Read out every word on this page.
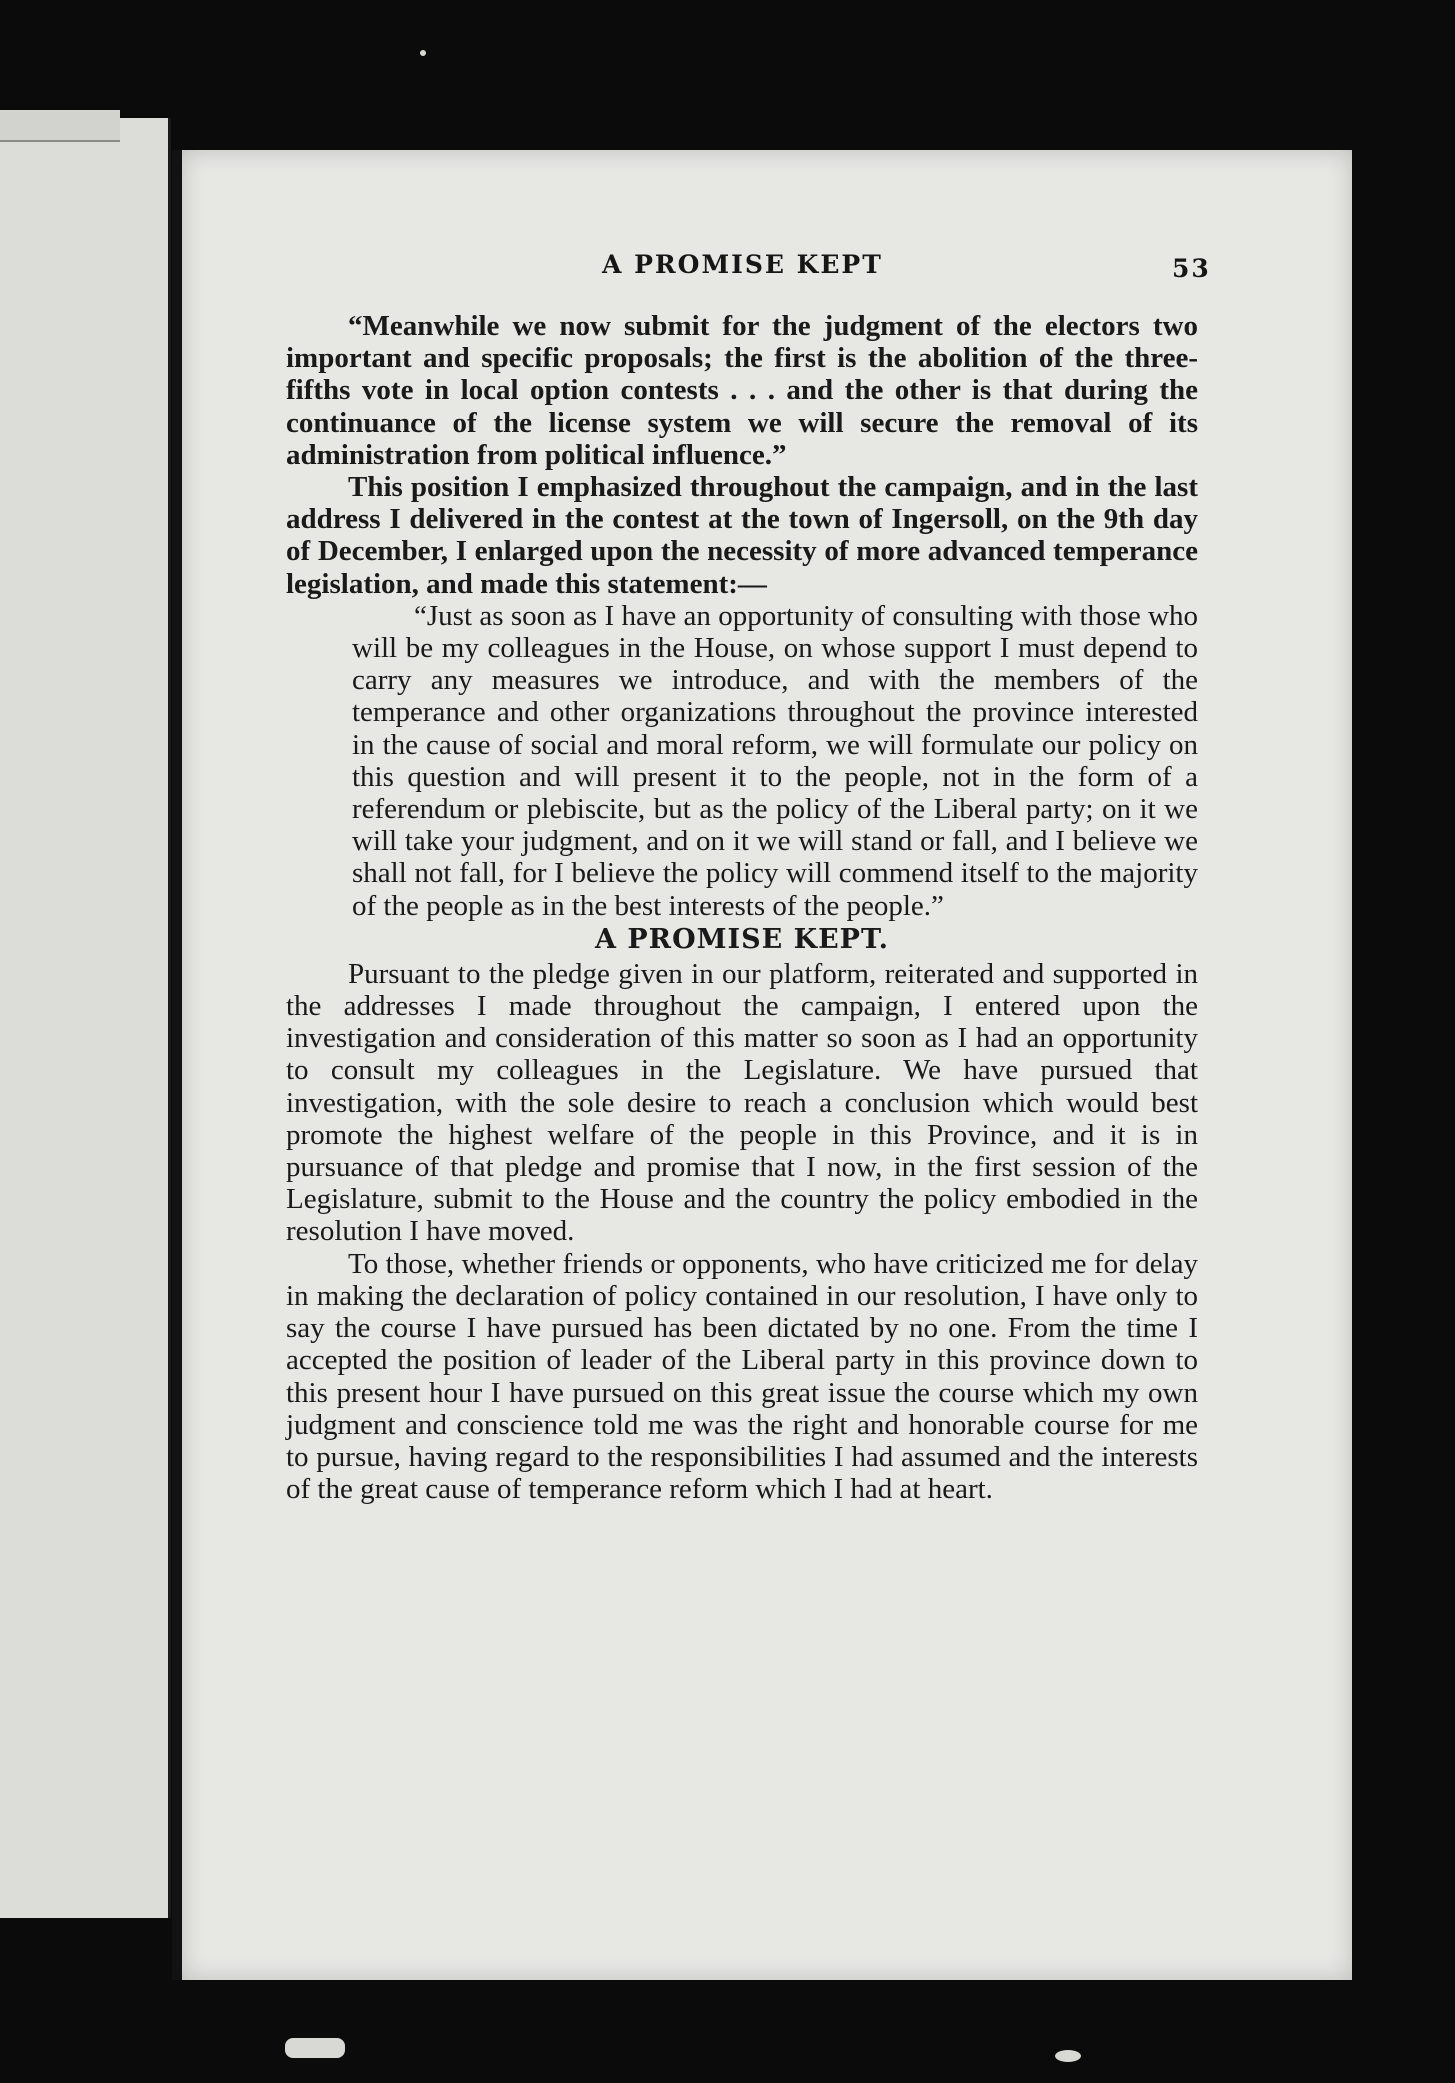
A PROMISE KEPT	53

“Meanwhile we now submit for the judgment of the electors two important and specific proposals; the first is the abolition of the three-fifths vote in local option contests . . . and the other is that during the continuance of the license system we will secure the removal of its administration from political influence.”

This position I emphasized throughout the campaign, and in the last address I delivered in the contest at the town of Ingersoll, on the 9th day of December, I enlarged upon the necessity of more advanced temperance legislation, and made this statement:—

“Just as soon as I have an opportunity of consulting with those who will be my colleagues in the House, on whose support I must depend to carry any measures we introduce, and with the members of the temperance and other organizations throughout the province interested in the cause of social and moral reform, we will formulate our policy on this question and will present it to the people, not in the form of a referendum or plebiscite, but as the policy of the Liberal party; on it we will take your judgment, and on it we will stand or fall, and I believe we shall not fall, for I believe the policy will commend itself to the majority of the people as in the best interests of the people.”

A PROMISE KEPT.

Pursuant to the pledge given in our platform, reiterated and supported in the addresses I made throughout the campaign, I entered upon the investigation and consideration of this matter so soon as I had an opportunity to consult my colleagues in the Legislature. We have pursued that investigation, with the sole desire to reach a conclusion which would best promote the highest welfare of the people in this Province, and it is in pursuance of that pledge and promise that I now, in the first session of the Legislature, submit to the House and the country the policy embodied in the resolution I have moved.

To those, whether friends or opponents, who have criticized me for delay in making the declaration of policy contained in our resolution, I have only to say the course I have pursued has been dictated by no one. From the time I accepted the position of leader of the Liberal party in this province down to this present hour I have pursued on this great issue the course which my own judgment and conscience told me was the right and honorable course for me to pursue, having regard to the responsibilities I had assumed and the interests of the great cause of temperance reform which I had at heart.
